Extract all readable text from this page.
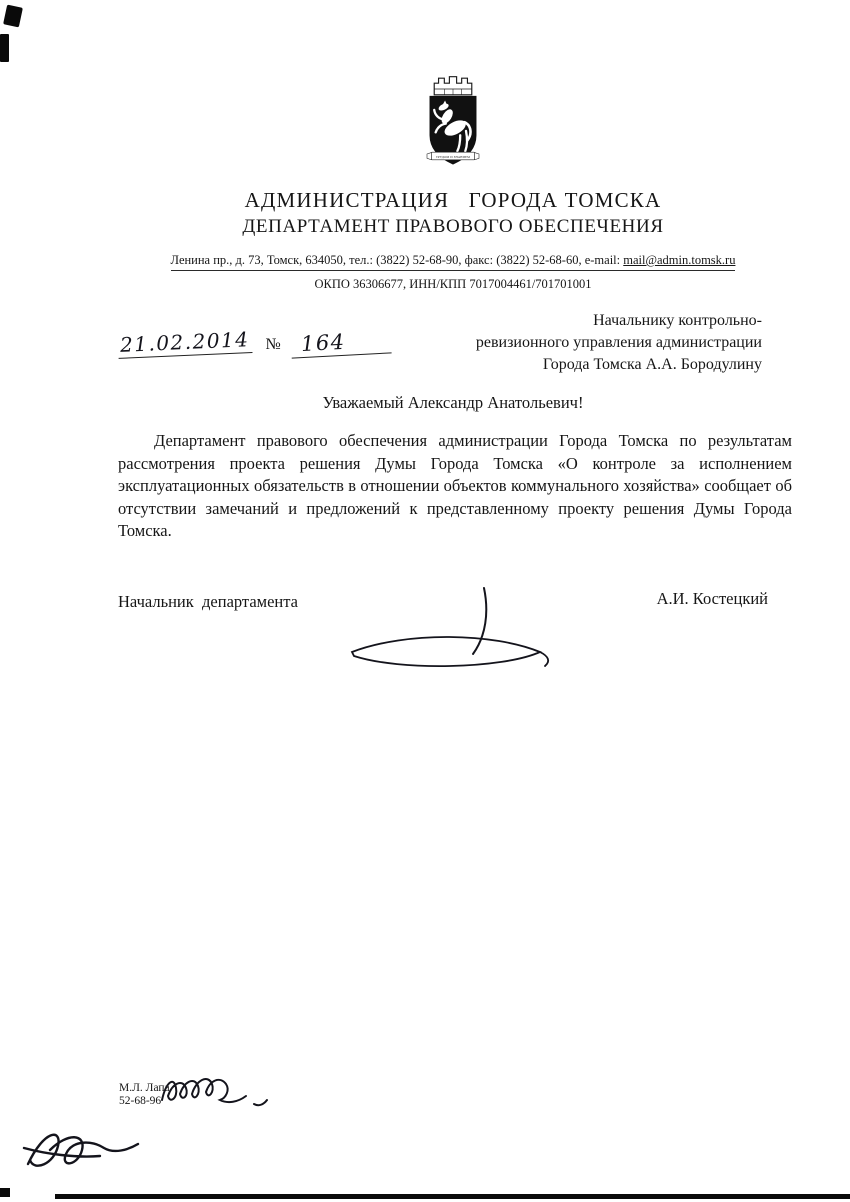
ТРУДОМ И ЗНАНИЕМ
АДМИНИСТРАЦИЯ   ГОРОДА ТОМСКА
ДЕПАРТАМЕНТ ПРАВОВОГО ОБЕСПЕЧЕНИЯ
Ленина пр., д. 73, Томск, 634050, тел.: (3822) 52-68-90, факс: (3822) 52-68-60, e-mail: mail@admin.tomsk.ru
ОКПО 36306677, ИНН/КПП 7017004461/701701001
21.02.2014 № 164
Начальнику контрольно-
ревизионного управления администрации
Города Томска А.А. Бородулину
Уважаемый Александр Анатольевич!
Департамент правового обеспечения администрации Города Томска по результатам рассмотрения проекта решения Думы Города Томска «О контроле за исполнением эксплуатационных обязательств в отношении объектов коммунального хозяйства» сообщает об отсутствии замечаний и предложений к представленному проекту решения Думы Города Томска.
Начальник  департамента	А.И. Костецкий
М.Л. Лапа
52-68-96
